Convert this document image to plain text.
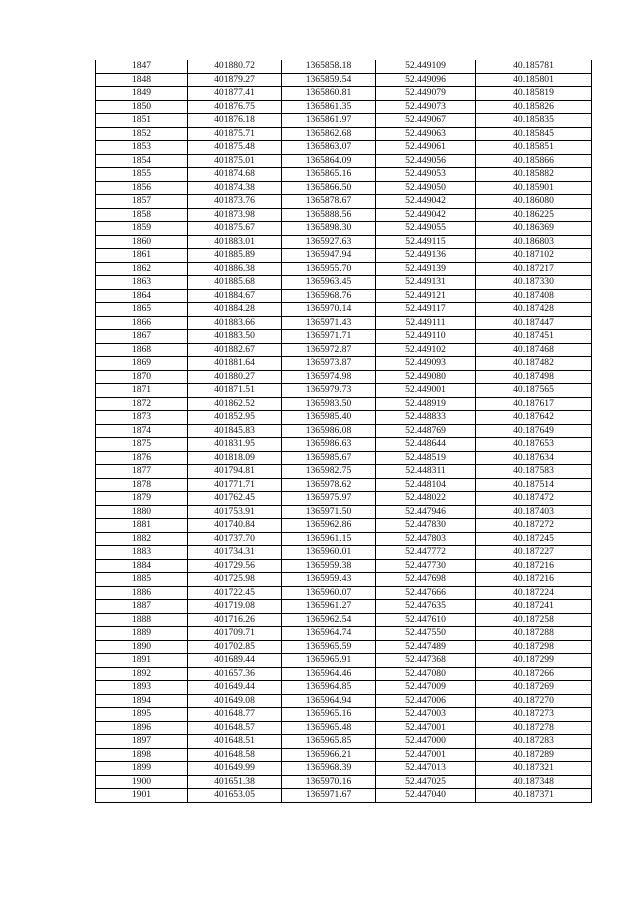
1847	401880.72	1365858.18	52.449109	40.185781
1848	401879.27	1365859.54	52.449096	40.185801
1849	401877.41	1365860.81	52.449079	40.185819
1850	401876.75	1365861.35	52.449073	40.185826
1851	401876.18	1365861.97	52.449067	40.185835
1852	401875.71	1365862.68	52.449063	40.185845
1853	401875.48	1365863.07	52.449061	40.185851
1854	401875.01	1365864.09	52.449056	40.185866
1855	401874.68	1365865.16	52.449053	40.185882
1856	401874.38	1365866.50	52.449050	40.185901
1857	401873.76	1365878.67	52.449042	40.186080
1858	401873.98	1365888.56	52.449042	40.186225
1859	401875.67	1365898.30	52.449055	40.186369
1860	401883.01	1365927.63	52.449115	40.186803
1861	401885.89	1365947.94	52.449136	40.187102
1862	401886.38	1365955.70	52.449139	40.187217
1863	401885.68	1365963.45	52.449131	40.187330
1864	401884.67	1365968.76	52.449121	40.187408
1865	401884.28	1365970.14	52.449117	40.187428
1866	401883.66	1365971.43	52.449111	40.187447
1867	401883.50	1365971.71	52.449110	40.187451
1868	401882.67	1365972.87	52.449102	40.187468
1869	401881.64	1365973.87	52.449093	40.187482
1870	401880.27	1365974.98	52.449080	40.187498
1871	401871.51	1365979.73	52.449001	40.187565
1872	401862.52	1365983.50	52.448919	40.187617
1873	401852.95	1365985.40	52.448833	40.187642
1874	401845.83	1365986.08	52.448769	40.187649
1875	401831.95	1365986.63	52.448644	40.187653
1876	401818.09	1365985.67	52.448519	40.187634
1877	401794.81	1365982.75	52.448311	40.187583
1878	401771.71	1365978.62	52.448104	40.187514
1879	401762.45	1365975.97	52.448022	40.187472
1880	401753.91	1365971.50	52.447946	40.187403
1881	401740.84	1365962.86	52.447830	40.187272
1882	401737.70	1365961.15	52.447803	40.187245
1883	401734.31	1365960.01	52.447772	40.187227
1884	401729.56	1365959.38	52.447730	40.187216
1885	401725.98	1365959.43	52.447698	40.187216
1886	401722.45	1365960.07	52.447666	40.187224
1887	401719.08	1365961.27	52.447635	40.187241
1888	401716.26	1365962.54	52.447610	40.187258
1889	401709.71	1365964.74	52.447550	40.187288
1890	401702.85	1365965.59	52.447489	40.187298
1891	401689.44	1365965.91	52.447368	40.187299
1892	401657.36	1365964.46	52.447080	40.187266
1893	401649.44	1365964.85	52.447009	40.187269
1894	401649.08	1365964.94	52.447006	40.187270
1895	401648.77	1365965.16	52.447003	40.187273
1896	401648.57	1365965.48	52.447001	40.187278
1897	401648.51	1365965.85	52.447000	40.187283
1898	401648.58	1365966.21	52.447001	40.187289
1899	401649.99	1365968.39	52.447013	40.187321
1900	401651.38	1365970.16	52.447025	40.187348
1901	401653.05	1365971.67	52.447040	40.187371
